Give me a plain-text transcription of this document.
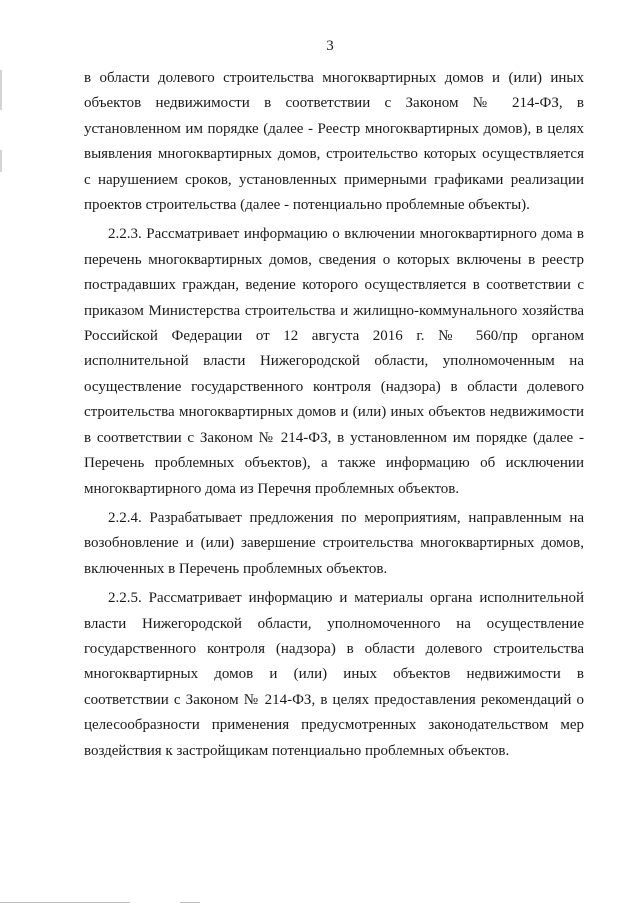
3

в области долевого строительства многоквартирных домов и (или) иных объектов недвижимости в соответствии с Законом № 214-ФЗ, в установленном им порядке (далее - Реестр многоквартирных домов), в целях выявления многоквартирных домов, строительство которых осуществляется с нарушением сроков, установленных примерными графиками реализации проектов строительства (далее - потенциально проблемные объекты).

2.2.3. Рассматривает информацию о включении многоквартирного дома в перечень многоквартирных домов, сведения о которых включены в реестр пострадавших граждан, ведение которого осуществляется в соответствии с приказом Министерства строительства и жилищно-коммунального хозяйства Российской Федерации от 12 августа 2016 г. № 560/пр органом исполнительной власти Нижегородской области, уполномоченным на осуществление государственного контроля (надзора) в области долевого строительства многоквартирных домов и (или) иных объектов недвижимости в соответствии с Законом № 214-ФЗ, в установленном им порядке (далее - Перечень проблемных объектов), а также информацию об исключении многоквартирного дома из Перечня проблемных объектов.

2.2.4. Разрабатывает предложения по мероприятиям, направленным на возобновление и (или) завершение строительства многоквартирных домов, включенных в Перечень проблемных объектов.

2.2.5. Рассматривает информацию и материалы органа исполнительной власти Нижегородской области, уполномоченного на осуществление государственного контроля (надзора) в области долевого строительства многоквартирных домов и (или) иных объектов недвижимости в соответствии с Законом № 214-ФЗ, в целях предоставления рекомендаций о целесообразности применения предусмотренных законодательством мер воздействия к застройщикам потенциально проблемных объектов.
